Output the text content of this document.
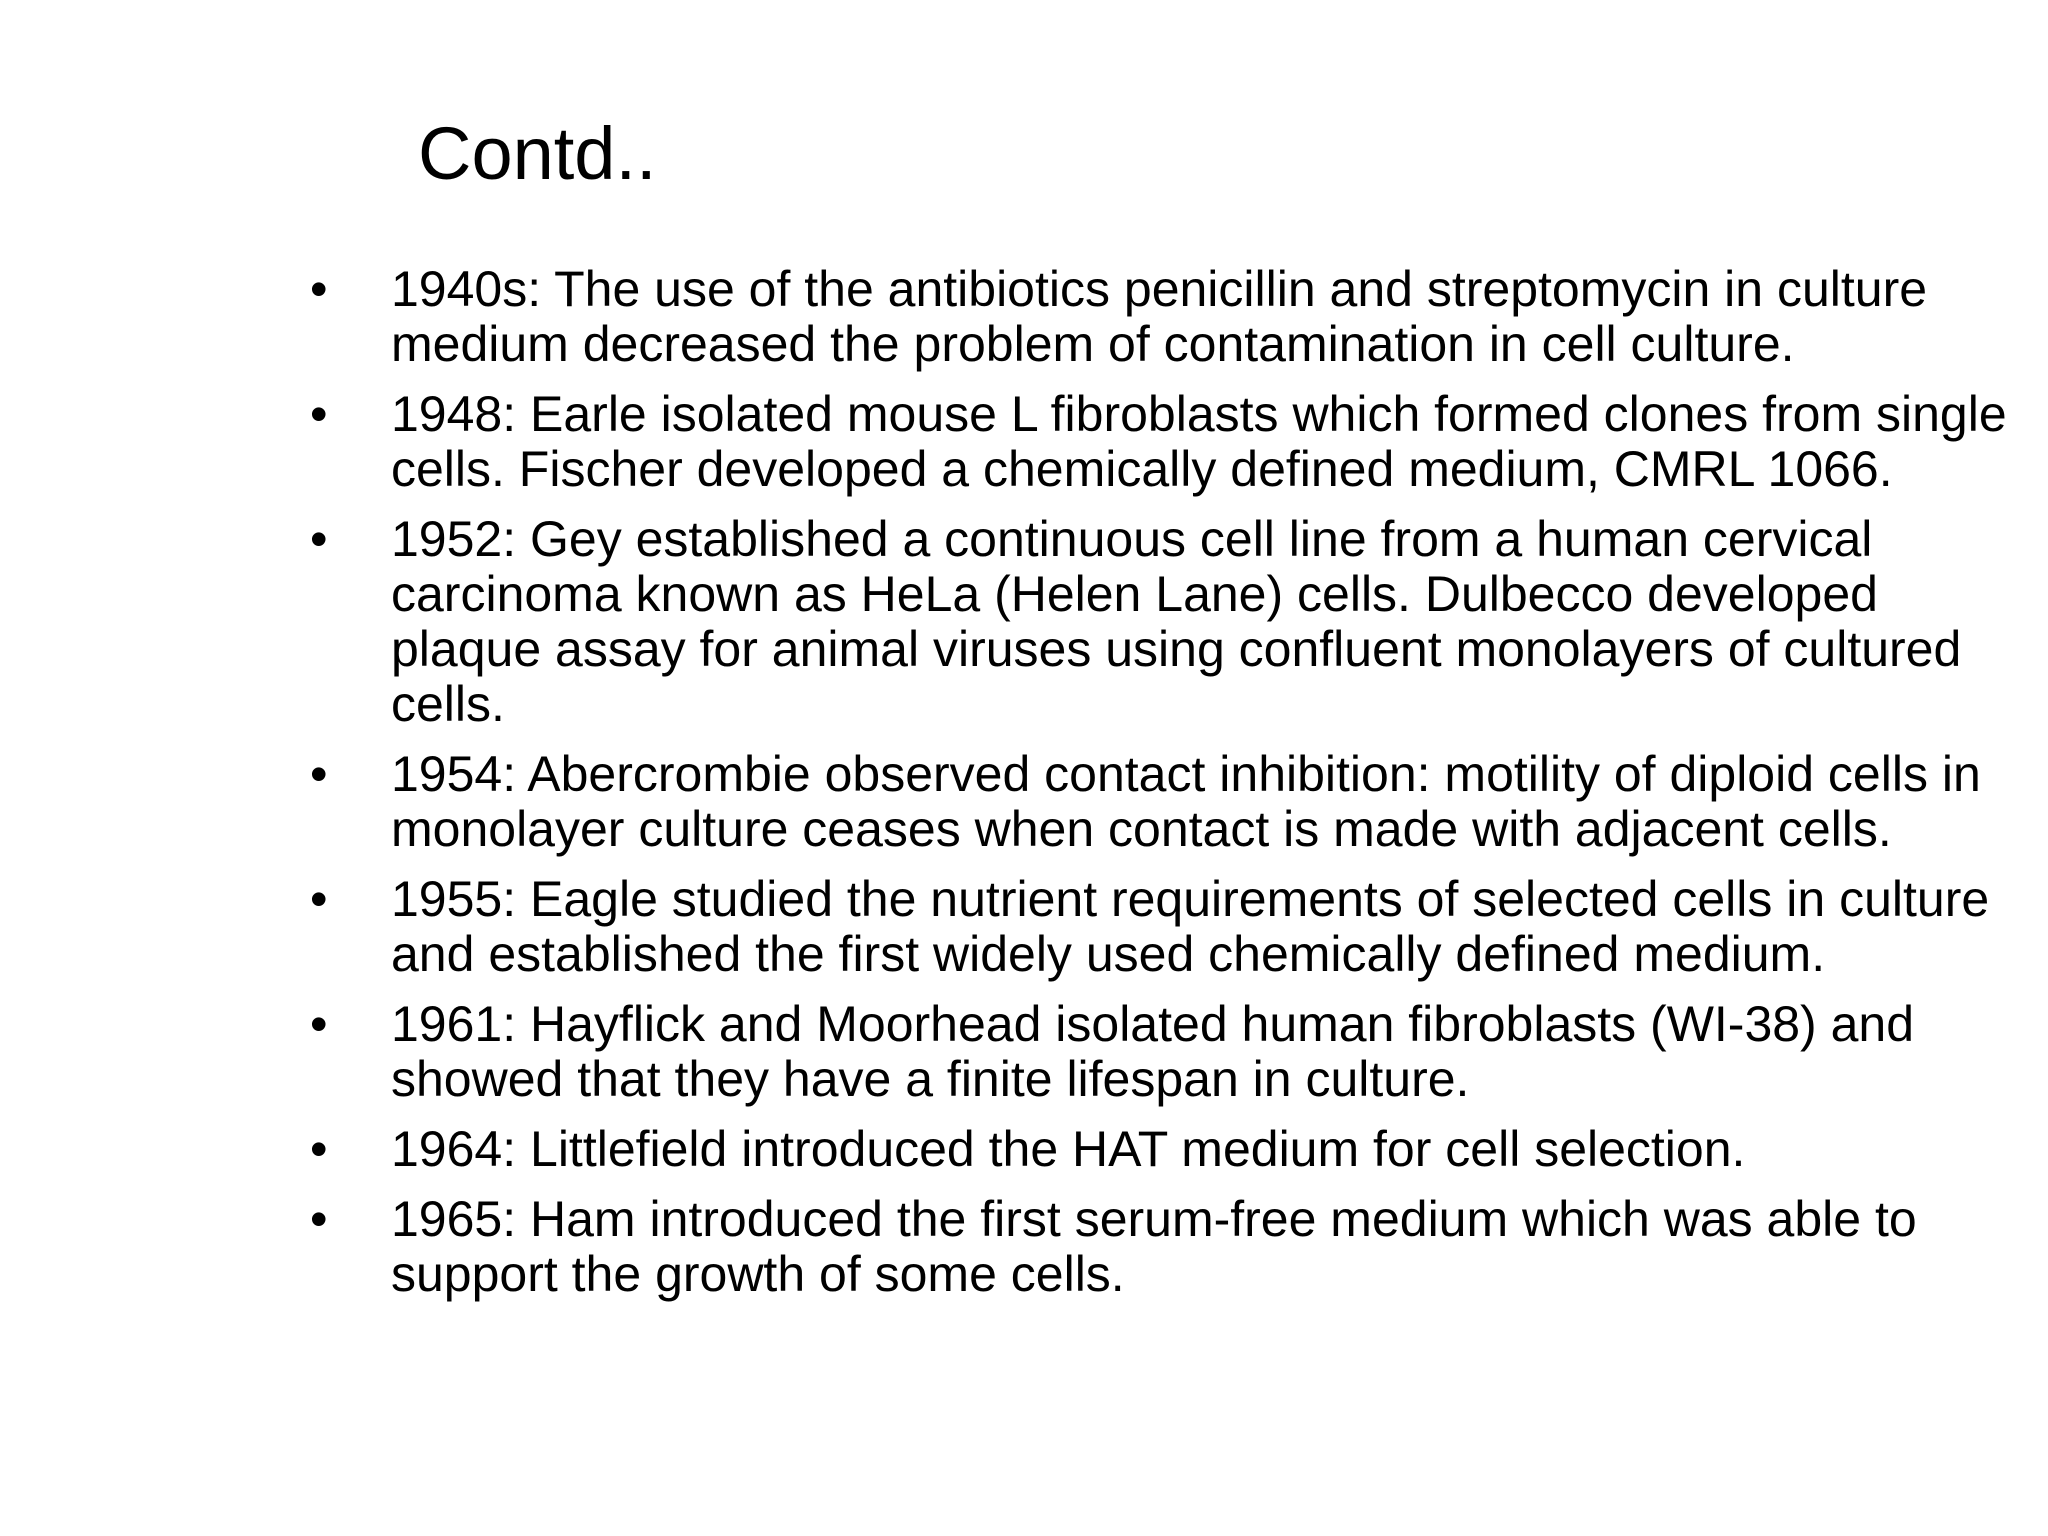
Contd..
• 1940s: The use of the antibiotics penicillin and streptomycin in culture medium decreased the problem of contamination in cell culture.
• 1948: Earle isolated mouse L fibroblasts which formed clones from single cells. Fischer developed a chemically defined medium, CMRL 1066.
• 1952: Gey established a continuous cell line from a human cervical carcinoma known as HeLa (Helen Lane) cells. Dulbecco developed plaque assay for animal viruses using confluent monolayers of cultured cells.
• 1954: Abercrombie observed contact inhibition: motility of diploid cells in monolayer culture ceases when contact is made with adjacent cells.
• 1955: Eagle studied the nutrient requirements of selected cells in culture and established the first widely used chemically defined medium.
• 1961: Hayflick and Moorhead isolated human fibroblasts (WI-38) and showed that they have a finite lifespan in culture.
• 1964: Littlefield introduced the HAT medium for cell selection.
• 1965: Ham introduced the first serum-free medium which was able to support the growth of some cells.
